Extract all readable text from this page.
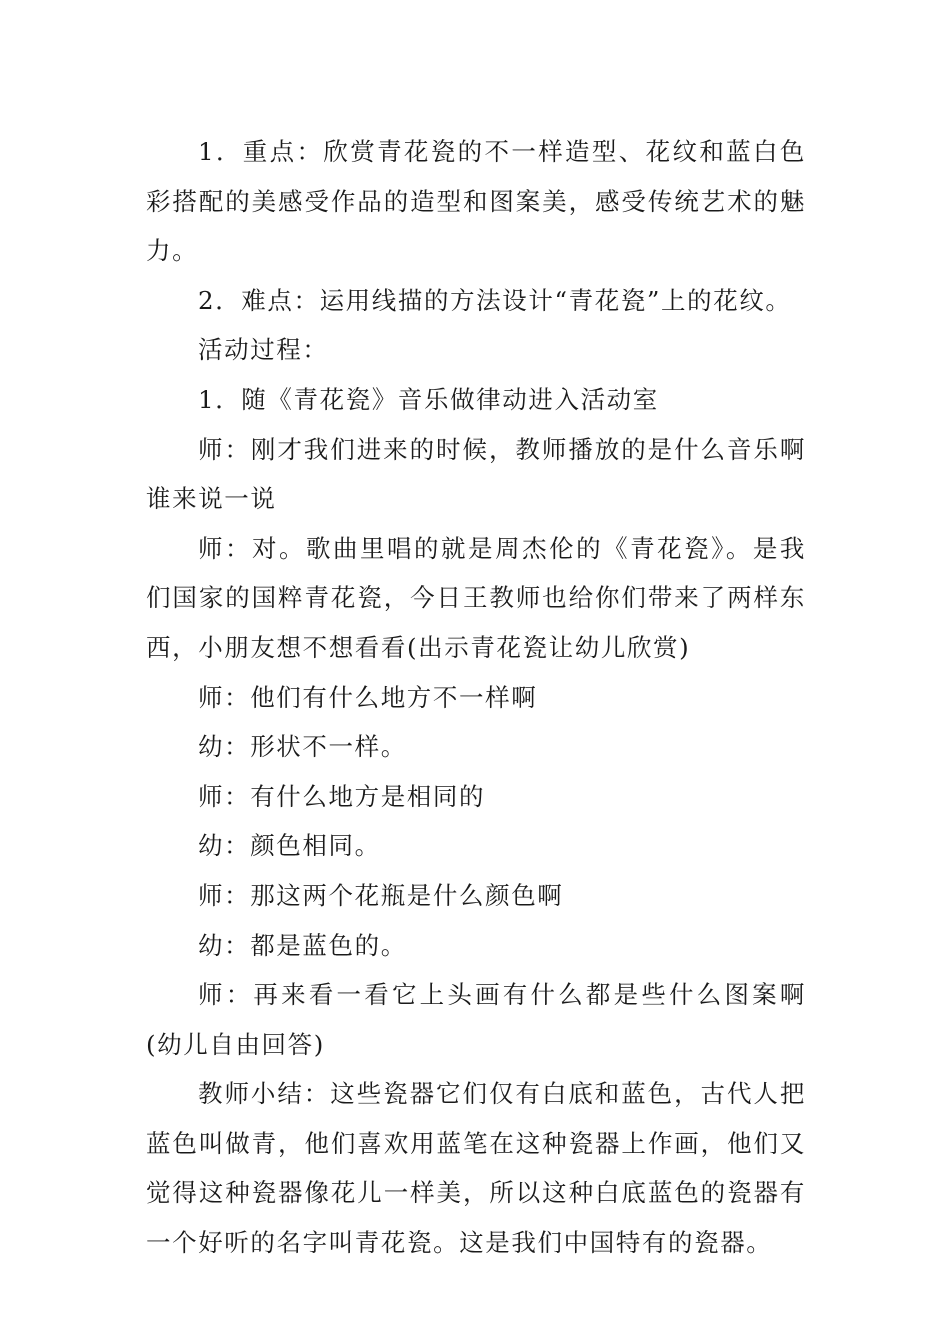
1．重点：欣赏青花瓷的不一样造型、花纹和蓝白色彩搭配的美感受作品的造型和图案美，感受传统艺术的魅力。

2．难点：运用线描的方法设计“青花瓷”上的花纹。

活动过程：

1．随《青花瓷》音乐做律动进入活动室

师：刚才我们进来的时候，教师播放的是什么音乐啊谁来说一说

师：对。歌曲里唱的就是周杰伦的《青花瓷》。是我们国家的国粹青花瓷，今日王教师也给你们带来了两样东西，小朋友想不想看看(出示青花瓷让幼儿欣赏)

师：他们有什么地方不一样啊

幼：形状不一样。

师：有什么地方是相同的

幼：颜色相同。

师：那这两个花瓶是什么颜色啊

幼：都是蓝色的。

师：再来看一看它上头画有什么都是些什么图案啊(幼儿自由回答)

教师小结：这些瓷器它们仅有白底和蓝色，古代人把蓝色叫做青，他们喜欢用蓝笔在这种瓷器上作画，他们又觉得这种瓷器像花儿一样美，所以这种白底蓝色的瓷器有一个好听的名字叫青花瓷。这是我们中国特有的瓷器。
